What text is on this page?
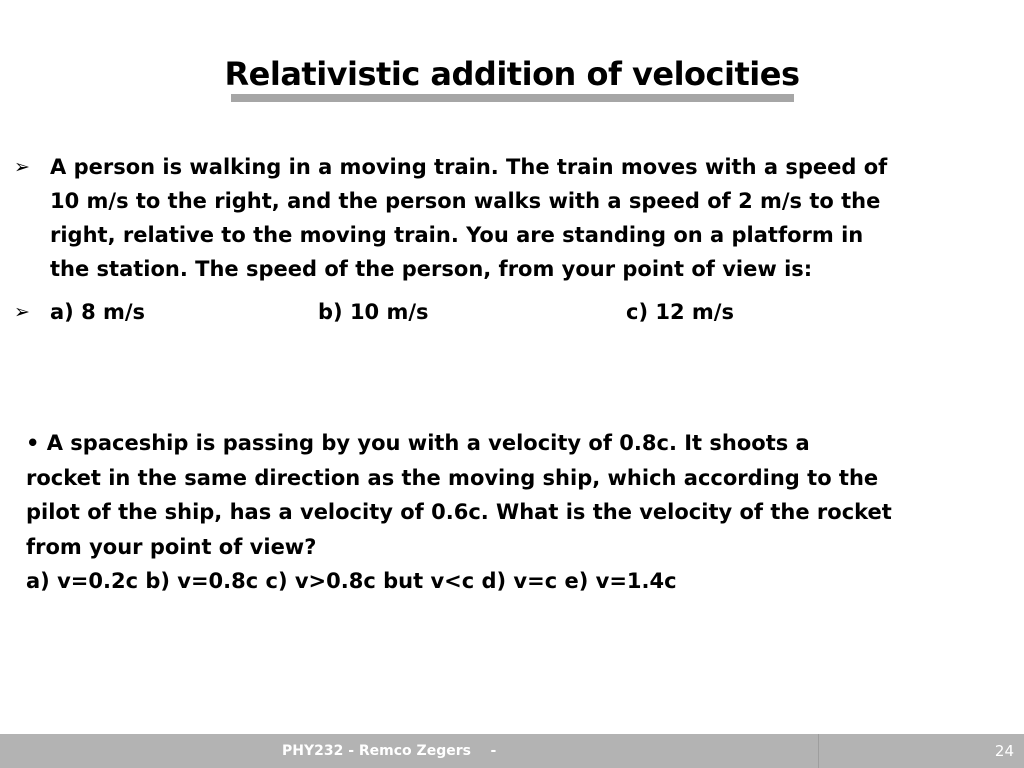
Relativistic addition of velocities
➢ A person is walking in a moving train. The train moves with a speed of
10 m/s to the right, and the person walks with a speed of 2 m/s to the
right, relative to the moving train. You are standing on a platform in
the station. The speed of the person, from your point of view is:
➢ a) 8 m/s	b) 10 m/s	c) 12 m/s
• A spaceship is passing by you with a velocity of 0.8c. It shoots a
rocket in the same direction as the moving ship, which according to the
pilot of the ship, has a velocity of 0.6c. What is the velocity of the rocket
from your point of view?
a) v=0.2c b) v=0.8c c) v>0.8c but v<c d) v=c e) v=1.4c
PHY232 - Remco Zegers    -	24
